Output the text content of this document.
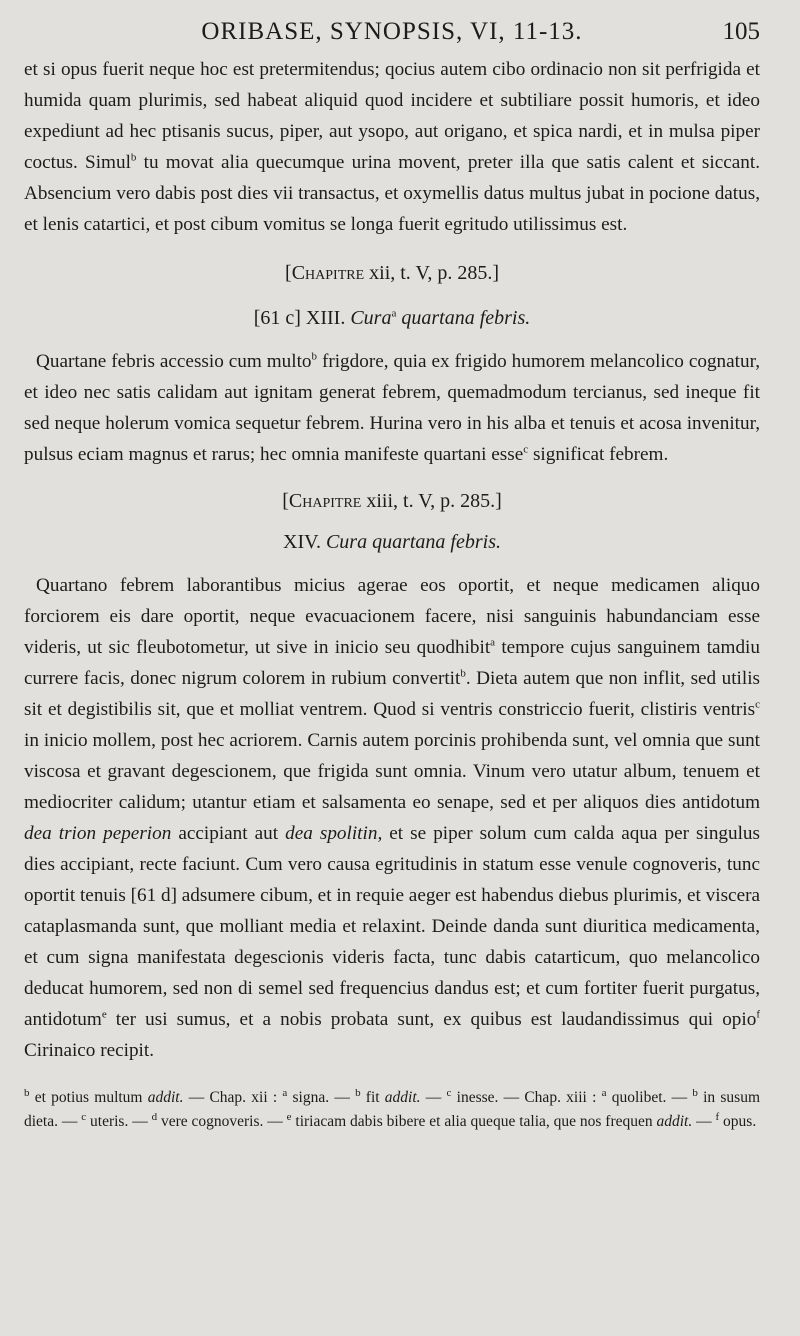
ORIBASE, SYNOPSIS, VI, 11-13.	105

et si opus fuerit neque hoc est pretermitendus; qocius autem cibo ordinacio non sit perfrigida et humida quam plurimis, sed habeat aliquid quod incidere et subtiliare possit humoris, et ideo expediunt ad hec ptisanis sucus, piper, aut ysopo, aut origano, et spica nardi, et in mulsa piper coctus. Simul$^b$ tu movat alia quecumque urina movent, preter illa que satis calent et siccant. Absencium vero dabis post dies vii transactus, et oxymellis datus multus jubat in pocione datus, et lenis catartici, et post cibum vomitus se longa fuerit egritudo utilissimus est.

[Chapitre xii, t. V, p. 285.]
[61 c] XIII. Cura$^a$ quartana febris.

Quartane febris accessio cum multo$^b$ frigdore, quia ex frigido humorem melancolico cognatur, et ideo nec satis calidam aut ignitam generat febrem, quemadmodum tercianus, sed ineque fit sed neque holerum vomica sequetur febrem. Hurina vero in his alba et tenuis et acosa invenitur, pulsus eciam magnus et rarus; hec omnia manifeste quartani esse$^c$ significat febrem.

[Chapitre xiii, t. V, p. 285.]
XIV. Cura quartana febris.

Quartano febrem laborantibus micius agerae eos oportit, et neque medicamen aliquo forciorem eis dare oportit, neque evacuacionem facere, nisi sanguinis habundanciam esse videris, ut sic fleubotometur, ut sive in inicio seu quodhibit$^a$ tempore cujus sanguinem tamdiu currere facis, donec nigrum colorem in rubium convertit$^b$. Dieta autem que non inflit, sed utilis sit et degistibilis sit, que et molliat ventrem. Quod si ventris constriccio fuerit, clistiris ventris$^c$ in inicio mollem, post hec acriorem. Carnis autem porcinis prohibenda sunt, vel omnia que sunt viscosa et gravant degescionem, que frigida sunt omnia. Vinum vero utatur album, tenuem et mediocriter calidum; utantur etiam et salsamenta eo senape, sed et per aliquos dies antidotum dea trion peperion accipiant aut dea spolitin, et se piper solum cum calda aqua per singulus dies accipiant, recte faciunt. Cum vero causa egritudinis in statum esse venule cognoveris, tunc oportit tenuis [61 d] adsumere cibum, et in requie aeger est habendus diebus plurimis, et viscera cataplasmanda sunt, que molliant media et relaxint. Deinde danda sunt diuritica medicamenta, et cum signa manifestata degescionis videris facta, tunc dabis catarticum, quo melancolico deducat humorem, sed non di semel sed frequencius dandus est; et cum fortiter fuerit purgatus, antidotum$^e$ ter usi sumus, et a nobis probata sunt, ex quibus est laudandissimus qui opio$^f$ Cirinaico recipit.

$^b$ et potius multum addit. — Chap. xii : $^a$ signa. — $^b$ fit addit. — $^c$ inesse. — Chap. xiii : $^a$ quolibet. — $^b$ in susum dieta. — $^c$ uteris. — $^d$ vere cognoveris. — $^e$ tiriacam dabis bibere et alia queque talia, que nos frequen addit. — $^f$ opus.
